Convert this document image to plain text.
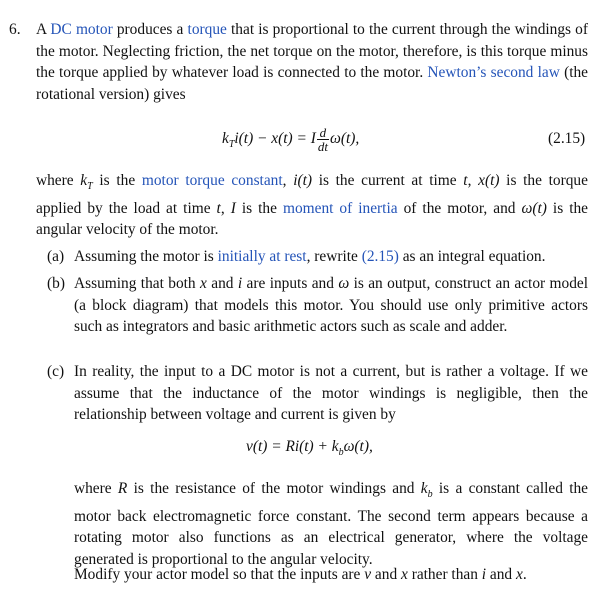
6. A DC motor produces a torque that is proportional to the current through the windings of the motor. Neglecting friction, the net torque on the motor, therefore, is this torque minus the torque applied by whatever load is connected to the motor. Newton’s second law (the rotational version) gives
$k_Ti(t) - x(t) = I \frac{d}{dt} \omega(t)$,	(2.15)
where $k_T$ is the motor torque constant, i(t) is the current at time t, x(t) is the torque applied by the load at time t, I is the moment of inertia of the motor, and ω(t) is the angular velocity of the motor.
(a) Assuming the motor is initially at rest, rewrite (2.15) as an integral equation.
(b) Assuming that both x and i are inputs and ω is an output, construct an actor model (a block diagram) that models this motor. You should use only primitive actors such as integrators and basic arithmetic actors such as scale and adder.
(c) In reality, the input to a DC motor is not a current, but is rather a voltage. If we assume that the inductance of the motor windings is negligible, then the relationship between voltage and current is given by
$v(t) = Ri(t) + k_b\omega(t)$,
where R is the resistance of the motor windings and $k_b$ is a constant called the motor back electromagnetic force constant. The second term appears because a rotating motor also functions as an electrical generator, where the voltage generated is proportional to the angular velocity.
Modify your actor model so that the inputs are v and x rather than i and x.
